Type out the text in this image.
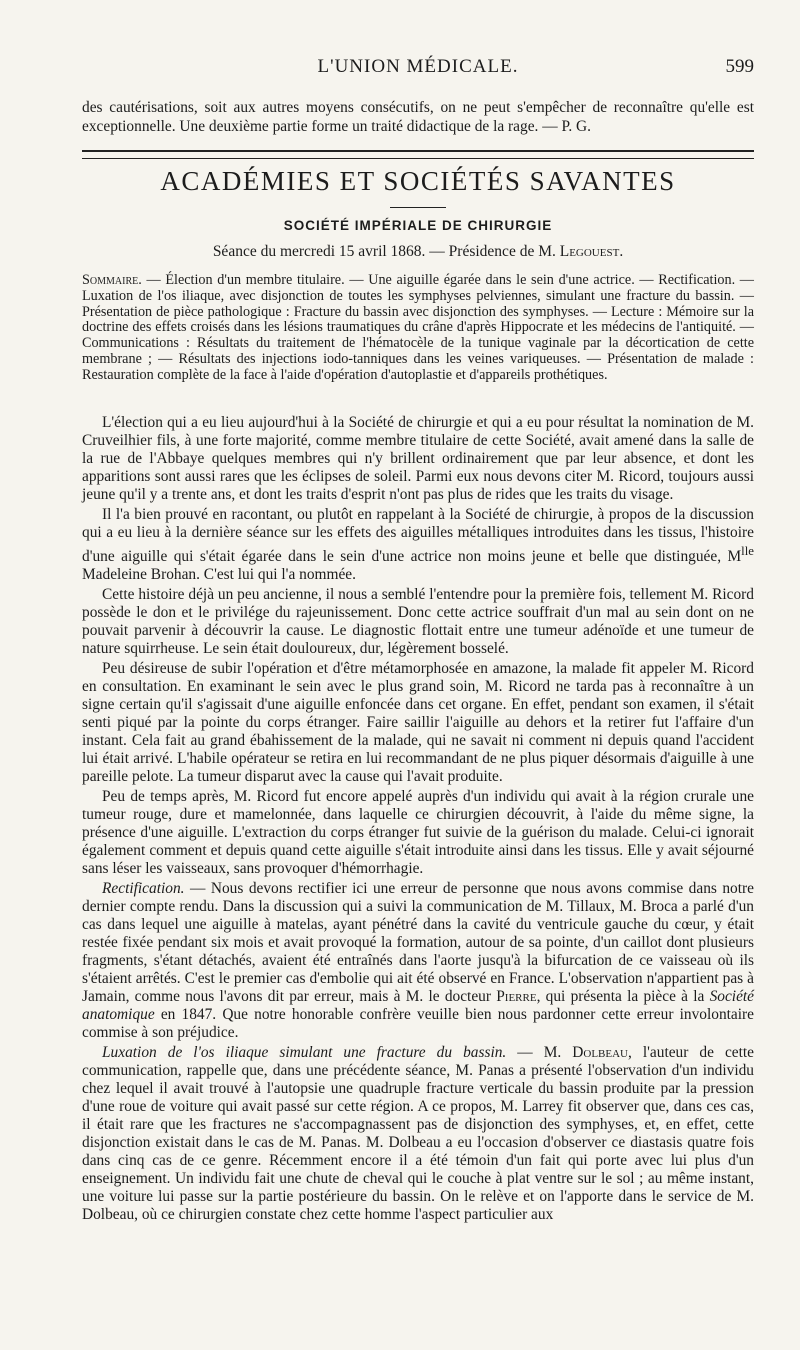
L'UNION MÉDICALE.	599
des cautérisations, soit aux autres moyens consécutifs, on ne peut s'empêcher de reconnaître qu'elle est exceptionnelle. Une deuxième partie forme un traité didactique de la rage. — P. G.
ACADÉMIES ET SOCIÉTÉS SAVANTES
SOCIÉTÉ IMPÉRIALE DE CHIRURGIE
Séance du mercredi 15 avril 1868. — Présidence de M. Legouest.

Sommaire. — Élection d'un membre titulaire. — Une aiguille égarée dans le sein d'une actrice. — Rectification. — Luxation de l'os iliaque, avec disjonction de toutes les symphyses pelviennes, simulant une fracture du bassin. — Présentation de pièce pathologique : Fracture du bassin avec disjonction des symphyses. — Lecture : Mémoire sur la doctrine des effets croisés dans les lésions traumatiques du crâne d'après Hippocrate et les médecins de l'antiquité. — Communications : Résultats du traitement de l'hématocèle de la tunique vaginale par la décortication de cette membrane ; — Résultats des injections iodo-tanniques dans les veines variqueuses. — Présentation de malade : Restauration complète de la face à l'aide d'opération d'autoplastie et d'appareils prothétiques.

L'élection qui a eu lieu aujourd'hui à la Société de chirurgie et qui a eu pour résultat la nomination de M. Cruveilhier fils, à une forte majorité, comme membre titulaire de cette Société, avait amené dans la salle de la rue de l'Abbaye quelques membres qui n'y brillent ordinairement que par leur absence, et dont les apparitions sont aussi rares que les éclipses de soleil. Parmi eux nous devons citer M. Ricord, toujours aussi jeune qu'il y a trente ans, et dont les traits d'esprit n'ont pas plus de rides que les traits du visage.

Il l'a bien prouvé en racontant, ou plutôt en rappelant à la Société de chirurgie, à propos de la discussion qui a eu lieu à la dernière séance sur les effets des aiguilles métalliques introduites dans les tissus, l'histoire d'une aiguille qui s'était égarée dans le sein d'une actrice non moins jeune et belle que distinguée, $M^{lle}$ Madeleine Brohan. C'est lui qui l'a nommée.

Cette histoire déjà un peu ancienne, il nous a semblé l'entendre pour la première fois, tellement M. Ricord possède le don et le privilége du rajeunissement. Donc cette actrice souffrait d'un mal au sein dont on ne pouvait parvenir à découvrir la cause. Le diagnostic flottait entre une tumeur adénoïde et une tumeur de nature squirrheuse. Le sein était douloureux, dur, légèrement bosselé.

Peu désireuse de subir l'opération et d'être métamorphosée en amazone, la malade fit appeler M. Ricord en consultation. En examinant le sein avec le plus grand soin, M. Ricord ne tarda pas à reconnaître à un signe certain qu'il s'agissait d'une aiguille enfoncée dans cet organe. En effet, pendant son examen, il s'était senti piqué par la pointe du corps étranger. Faire saillir l'aiguille au dehors et la retirer fut l'affaire d'un instant. Cela fait au grand ébahissement de la malade, qui ne savait ni comment ni depuis quand l'accident lui était arrivé. L'habile opérateur se retira en lui recommandant de ne plus piquer désormais d'aiguille à une pareille pelote. La tumeur disparut avec la cause qui l'avait produite.

Peu de temps après, M. Ricord fut encore appelé auprès d'un individu qui avait à la région crurale une tumeur rouge, dure et mamelonnée, dans laquelle ce chirurgien découvrit, à l'aide du même signe, la présence d'une aiguille. L'extraction du corps étranger fut suivie de la guérison du malade. Celui-ci ignorait également comment et depuis quand cette aiguille s'était introduite ainsi dans les tissus. Elle y avait séjourné sans léser les vaisseaux, sans provoquer d'hémorrhagie.

Rectification. — Nous devons rectifier ici une erreur de personne que nous avons commise dans notre dernier compte rendu. Dans la discussion qui a suivi la communication de M. Tillaux, M. Broca a parlé d'un cas dans lequel une aiguille à matelas, ayant pénétré dans la cavité du ventricule gauche du cœur, y était restée fixée pendant six mois et avait provoqué la formation, autour de sa pointe, d'un caillot dont plusieurs fragments, s'étant détachés, avaient été entraînés dans l'aorte jusqu'à la bifurcation de ce vaisseau où ils s'étaient arrêtés. C'est le premier cas d'embolie qui ait été observé en France. L'observation n'appartient pas à Jamain, comme nous l'avons dit par erreur, mais à M. le docteur Pierre, qui présenta la pièce à la Société anatomique en 1847. Que notre honorable confrère veuille bien nous pardonner cette erreur involontaire commise à son préjudice.

Luxation de l'os iliaque simulant une fracture du bassin. — M. Dolbeau, l'auteur de cette communication, rappelle que, dans une précédente séance, M. Panas a présenté l'observation d'un individu chez lequel il avait trouvé à l'autopsie une quadruple fracture verticale du bassin produite par la pression d'une roue de voiture qui avait passé sur cette région. A ce propos, M. Larrey fit observer que, dans ces cas, il était rare que les fractures ne s'accompagnassent pas de disjonction des symphyses, et, en effet, cette disjonction existait dans le cas de M. Panas. M. Dolbeau a eu l'occasion d'observer ce diastasis quatre fois dans cinq cas de ce genre. Récemment encore il a été témoin d'un fait qui porte avec lui plus d'un enseignement. Un individu fait une chute de cheval qui le couche à plat ventre sur le sol ; au même instant, une voiture lui passe sur la partie postérieure du bassin. On le relève et on l'apporte dans le service de M. Dolbeau, où ce chirurgien constate chez cette homme l'aspect particulier aux
